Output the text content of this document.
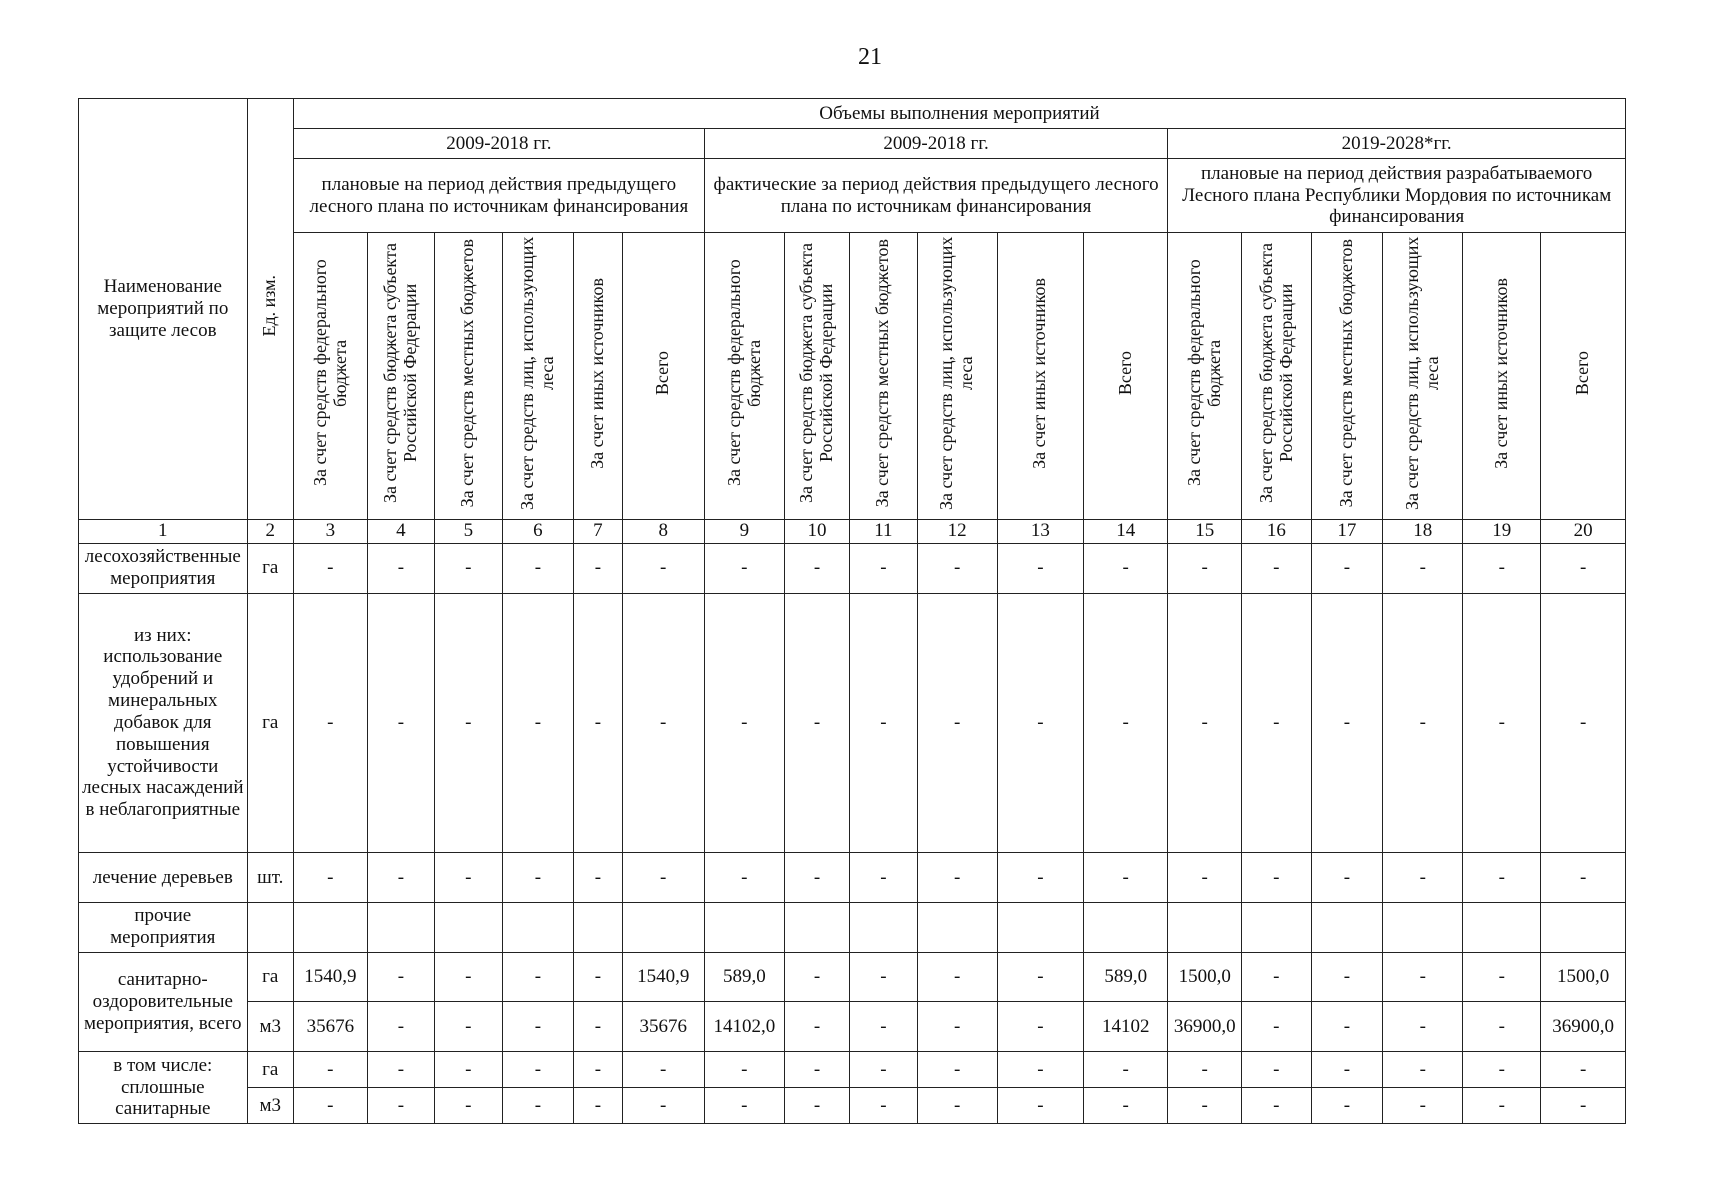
21
Наименование мероприятий по защите лесов	Ед. изм.	Объемы выполнения мероприятий																	
		2009-2018 гг.						2009-2018 гг.						2019-2028*гг.					
		плановые на период действия предыдущего лесного плана по источникам финансирования						фактические за период действия предыдущего лесного плана по источникам финансирования						плановые на период действия разрабатываемого Лесного плана Республики Мордовия по источникам финансирования					
		За счет средств федерального бюджета	За счет средств бюджета субъекта Российской Федерации	За счет средств местных бюджетов	За счет средств лиц, использующих леса	За счет иных источников	Всего	За счет средств федерального бюджета	За счет средств бюджета субъекта Российской Федерации	За счет средств местных бюджетов	За счет средств лиц, использующих леса	За счет иных источников	Всего	За счет средств федерального бюджета	За счет средств бюджета субъекта Российской Федерации	За счет средств местных бюджетов	За счет средств лиц, использующих леса	За счет иных источников	Всего
1	2	3	4	5	6	7	8	9	10	11	12	13	14	15	16	17	18	19	20
лесохозяйственные мероприятия	га	-	-	-	-	-	-	-	-	-	-	-	-	-	-	-	-	-	-
из них: использование удобрений и минеральных добавок для повышения устойчивости лесных насаждений в неблагоприятные	га	-	-	-	-	-	-	-	-	-	-	-	-	-	-	-	-	-	-
лечение деревьев	шт.	-	-	-	-	-	-	-	-	-	-	-	-	-	-	-	-	-	-
прочие мероприятия																			
санитарно-оздоровительные мероприятия, всего	га	1540,9	-	-	-	-	1540,9	589,0	-	-	-	-	589,0	1500,0	-	-	-	-	1500,0
	м3	35676	-	-	-	-	35676	14102,0	-	-	-	-	14102	36900,0	-	-	-	-	36900,0
в том числе: сплошные санитарные	га	-	-	-	-	-	-	-	-	-	-	-	-	-	-	-	-	-	-
	м3	-	-	-	-	-	-	-	-	-	-	-	-	-	-	-	-	-	-
